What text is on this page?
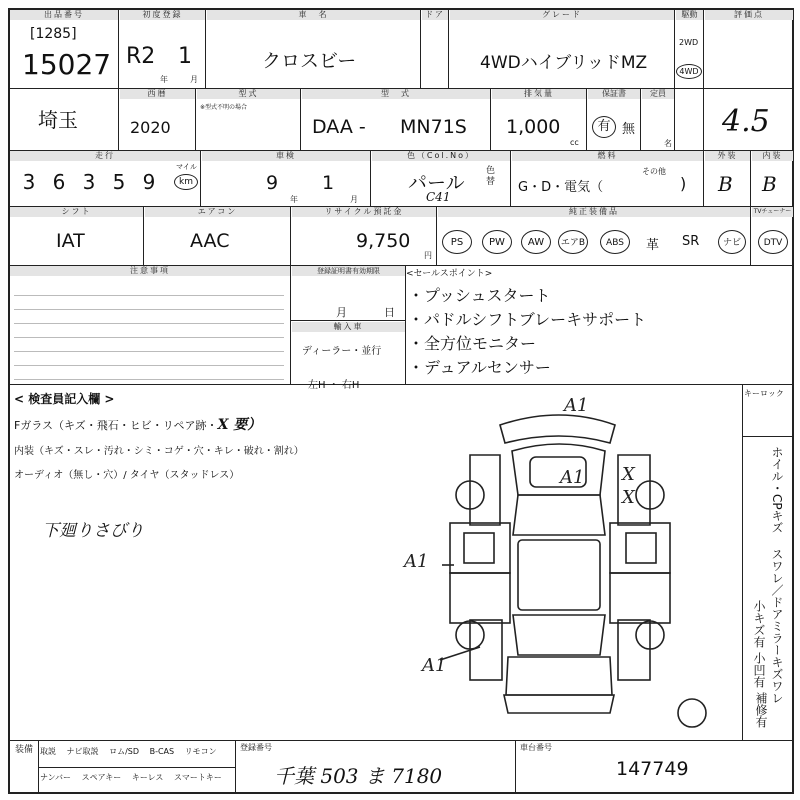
出品番号
[1285]
15027
初度登録
R2 1
年	月
車　名
クロスビー
ドア	グレード
4WDハイブリッドMZ
駆動
2WD
4WD
評価点
4.5
埼玉
西暦
2020
型式
※型式不明の場合
型　式
DAA - MN71S
排気量
1,000
cc
保証書
有 無
定員
名
走行
3 6 3 5 9
マイル
km
車検
9
年
1
月
色（Col.No）
パール
C41
色替
燃料
G・D・電気（
その他
)
外装
B
内装
B
シフト
IAT
エアコン
AAC
リサイクル預託金
9,750
円
純正装備品	TVチューナー
PS	PW	AW	エアB	ABS	革 SR	ナビ	DTV
注意事項	登録証明書有効期限
月	日
輸入車
ディーラー・並行
左H ・ 右H
<セールスポイント>
・プッシュスタート
・パドルシフトブレーキサポート
・全方位モニター
・デュアルセンサー
< 検査員記入欄 >
Fガラス（キズ・飛石・ヒビ・リペア跡・X 要）
内装（キズ・スレ・汚れ・シミ・コゲ・穴・キレ・破れ・割れ）
オーディオ（無し・穴）/ タイヤ（スタッドレス）
下廻りさびり
キーロック
ホイル・CPキズ
スワレ／ドアミラーキズワレ
小キズ有
小凹有
補修有
A1
A1
A1
A1
X
X
装備 取説 ナビ取説 ロム/SD B-CAS リモコン
ナンバー スペアキー キーレス スマートキー
登録番号
千葉 503 ま 7180
車台番号
147749
